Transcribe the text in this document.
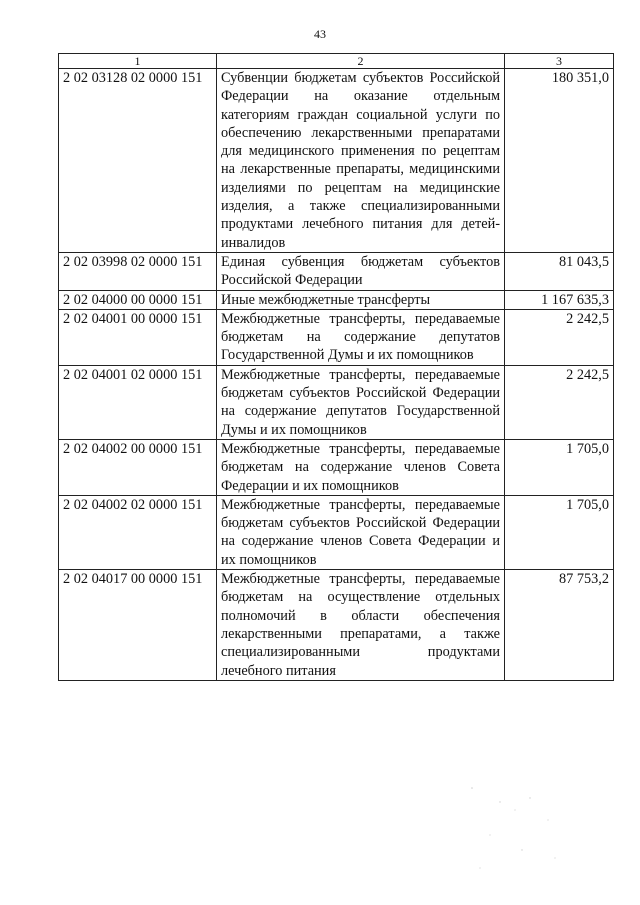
43
1	2	3
2 02 03128 02 0000 151	Субвенции бюджетам субъектов Российской Федерации на оказание отдельным категориям граждан социальной услуги по обеспечению лекарственными препаратами для медицинского применения по рецептам на лекарственные препараты, медицинскими изделиями по рецептам на медицинские изделия, а также специализированными продуктами лечебного питания для детей-инвалидов	180 351,0
2 02 03998 02 0000 151	Единая субвенция бюджетам субъектов Российской Федерации	81 043,5
2 02 04000 00 0000 151	Иные межбюджетные трансферты	1 167 635,3
2 02 04001 00 0000 151	Межбюджетные трансферты, передаваемые бюджетам на содержание депутатов Государственной Думы и их помощников	2 242,5
2 02 04001 02 0000 151	Межбюджетные трансферты, передаваемые бюджетам субъектов Российской Федерации на содержание депутатов Государственной Думы и их помощников	2 242,5
2 02 04002 00 0000 151	Межбюджетные трансферты, передаваемые бюджетам на содержание членов Совета Федерации и их помощников	1 705,0
2 02 04002 02 0000 151	Межбюджетные трансферты, передаваемые бюджетам субъектов Российской Федерации на содержание членов Совета Федерации и их помощников	1 705,0
2 02 04017 00 0000 151	Межбюджетные трансферты, передаваемые бюджетам на осуществление отдельных полномочий в области обеспечения лекарственными препаратами, а также специализированными продуктами лечебного питания	87 753,2
